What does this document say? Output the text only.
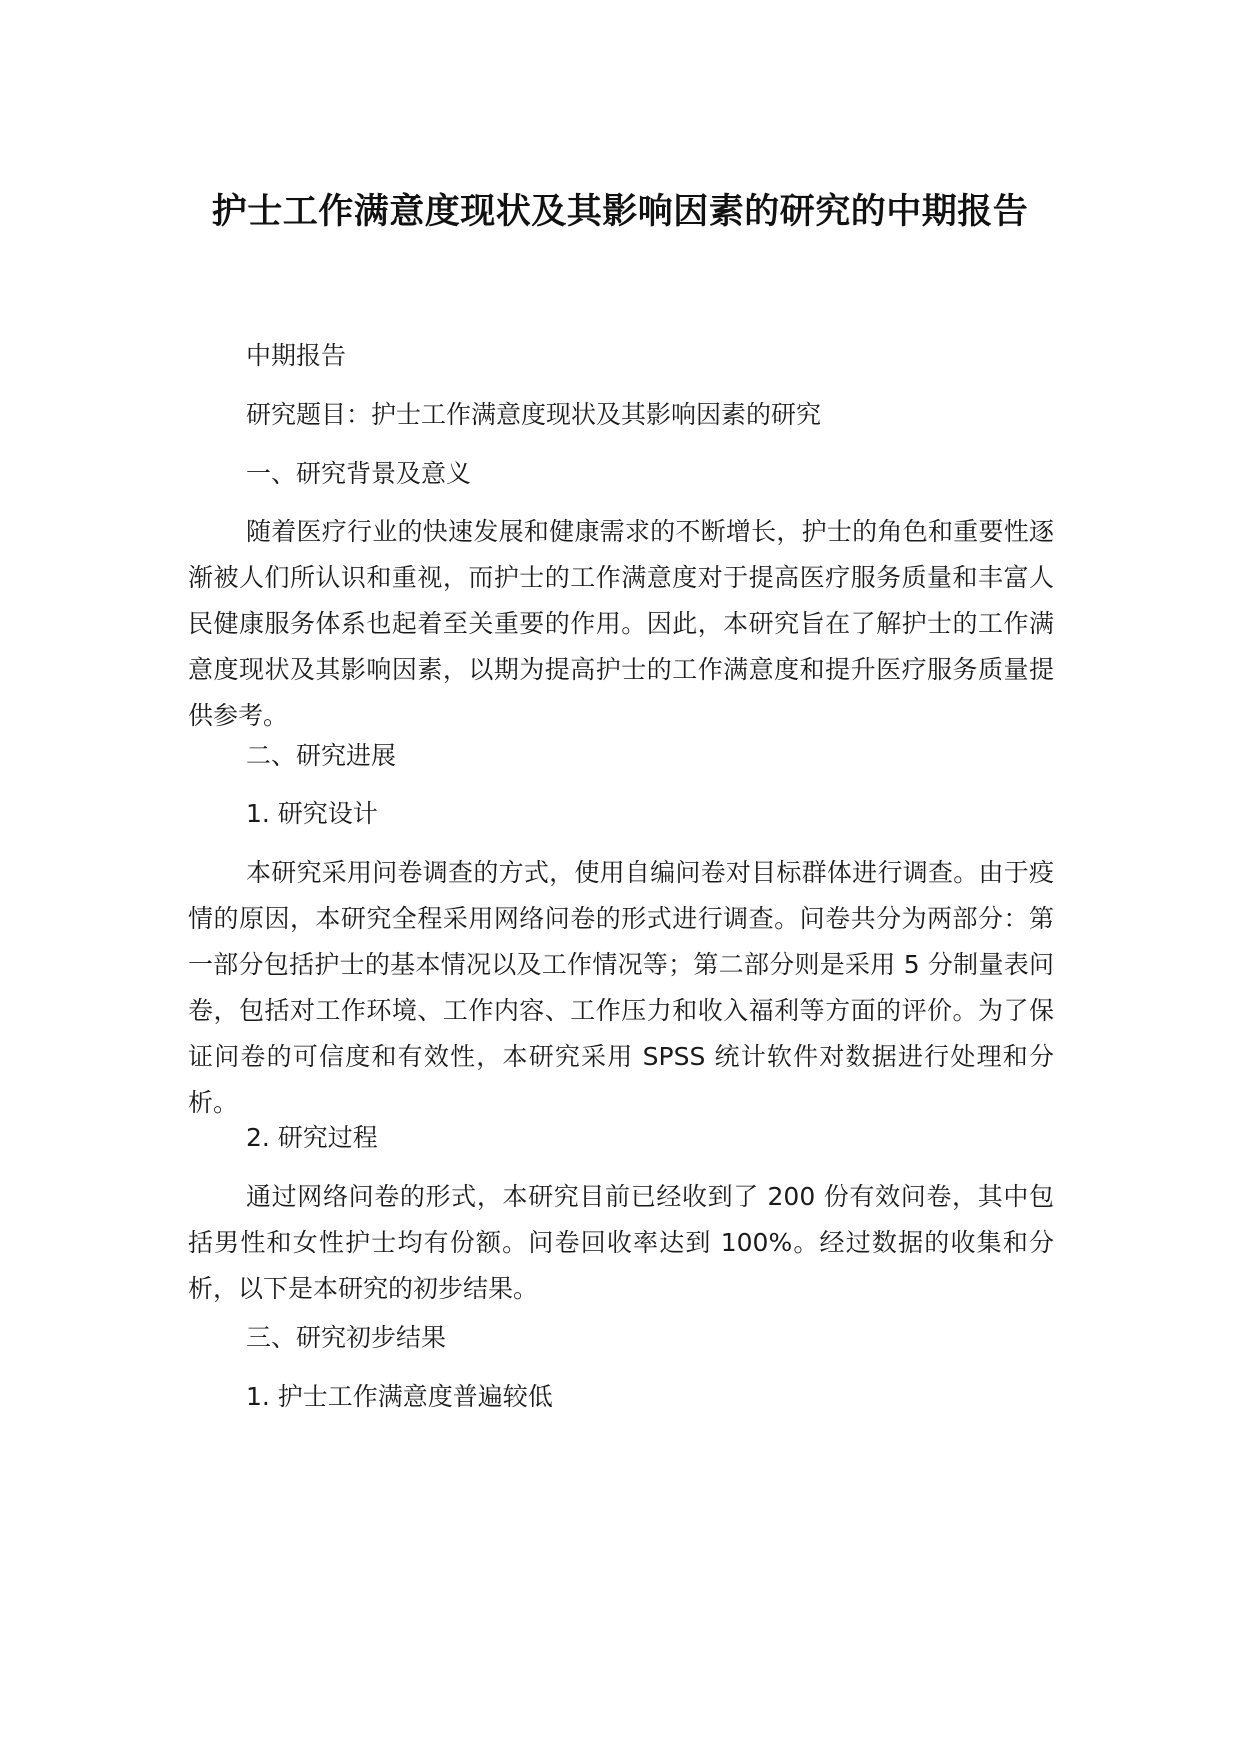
护士工作满意度现状及其影响因素的研究的中期报告

中期报告

研究题目：护士工作满意度现状及其影响因素的研究

一、研究背景及意义

随着医疗行业的快速发展和健康需求的不断增长，护士的角色和重要性逐渐被人们所认识和重视，而护士的工作满意度对于提高医疗服务质量和丰富人民健康服务体系也起着至关重要的作用。因此，本研究旨在了解护士的工作满意度现状及其影响因素，以期为提高护士的工作满意度和提升医疗服务质量提供参考。

二、研究进展

1. 研究设计

本研究采用问卷调查的方式，使用自编问卷对目标群体进行调查。由于疫情的原因，本研究全程采用网络问卷的形式进行调查。问卷共分为两部分：第一部分包括护士的基本情况以及工作情况等；第二部分则是采用 5 分制量表问卷，包括对工作环境、工作内容、工作压力和收入福利等方面的评价。为了保证问卷的可信度和有效性，本研究采用 SPSS 统计软件对数据进行处理和分析。

2. 研究过程

通过网络问卷的形式，本研究目前已经收到了 200 份有效问卷，其中包括男性和女性护士均有份额。问卷回收率达到 100%。经过数据的收集和分析，以下是本研究的初步结果。

三、研究初步结果

1. 护士工作满意度普遍较低
